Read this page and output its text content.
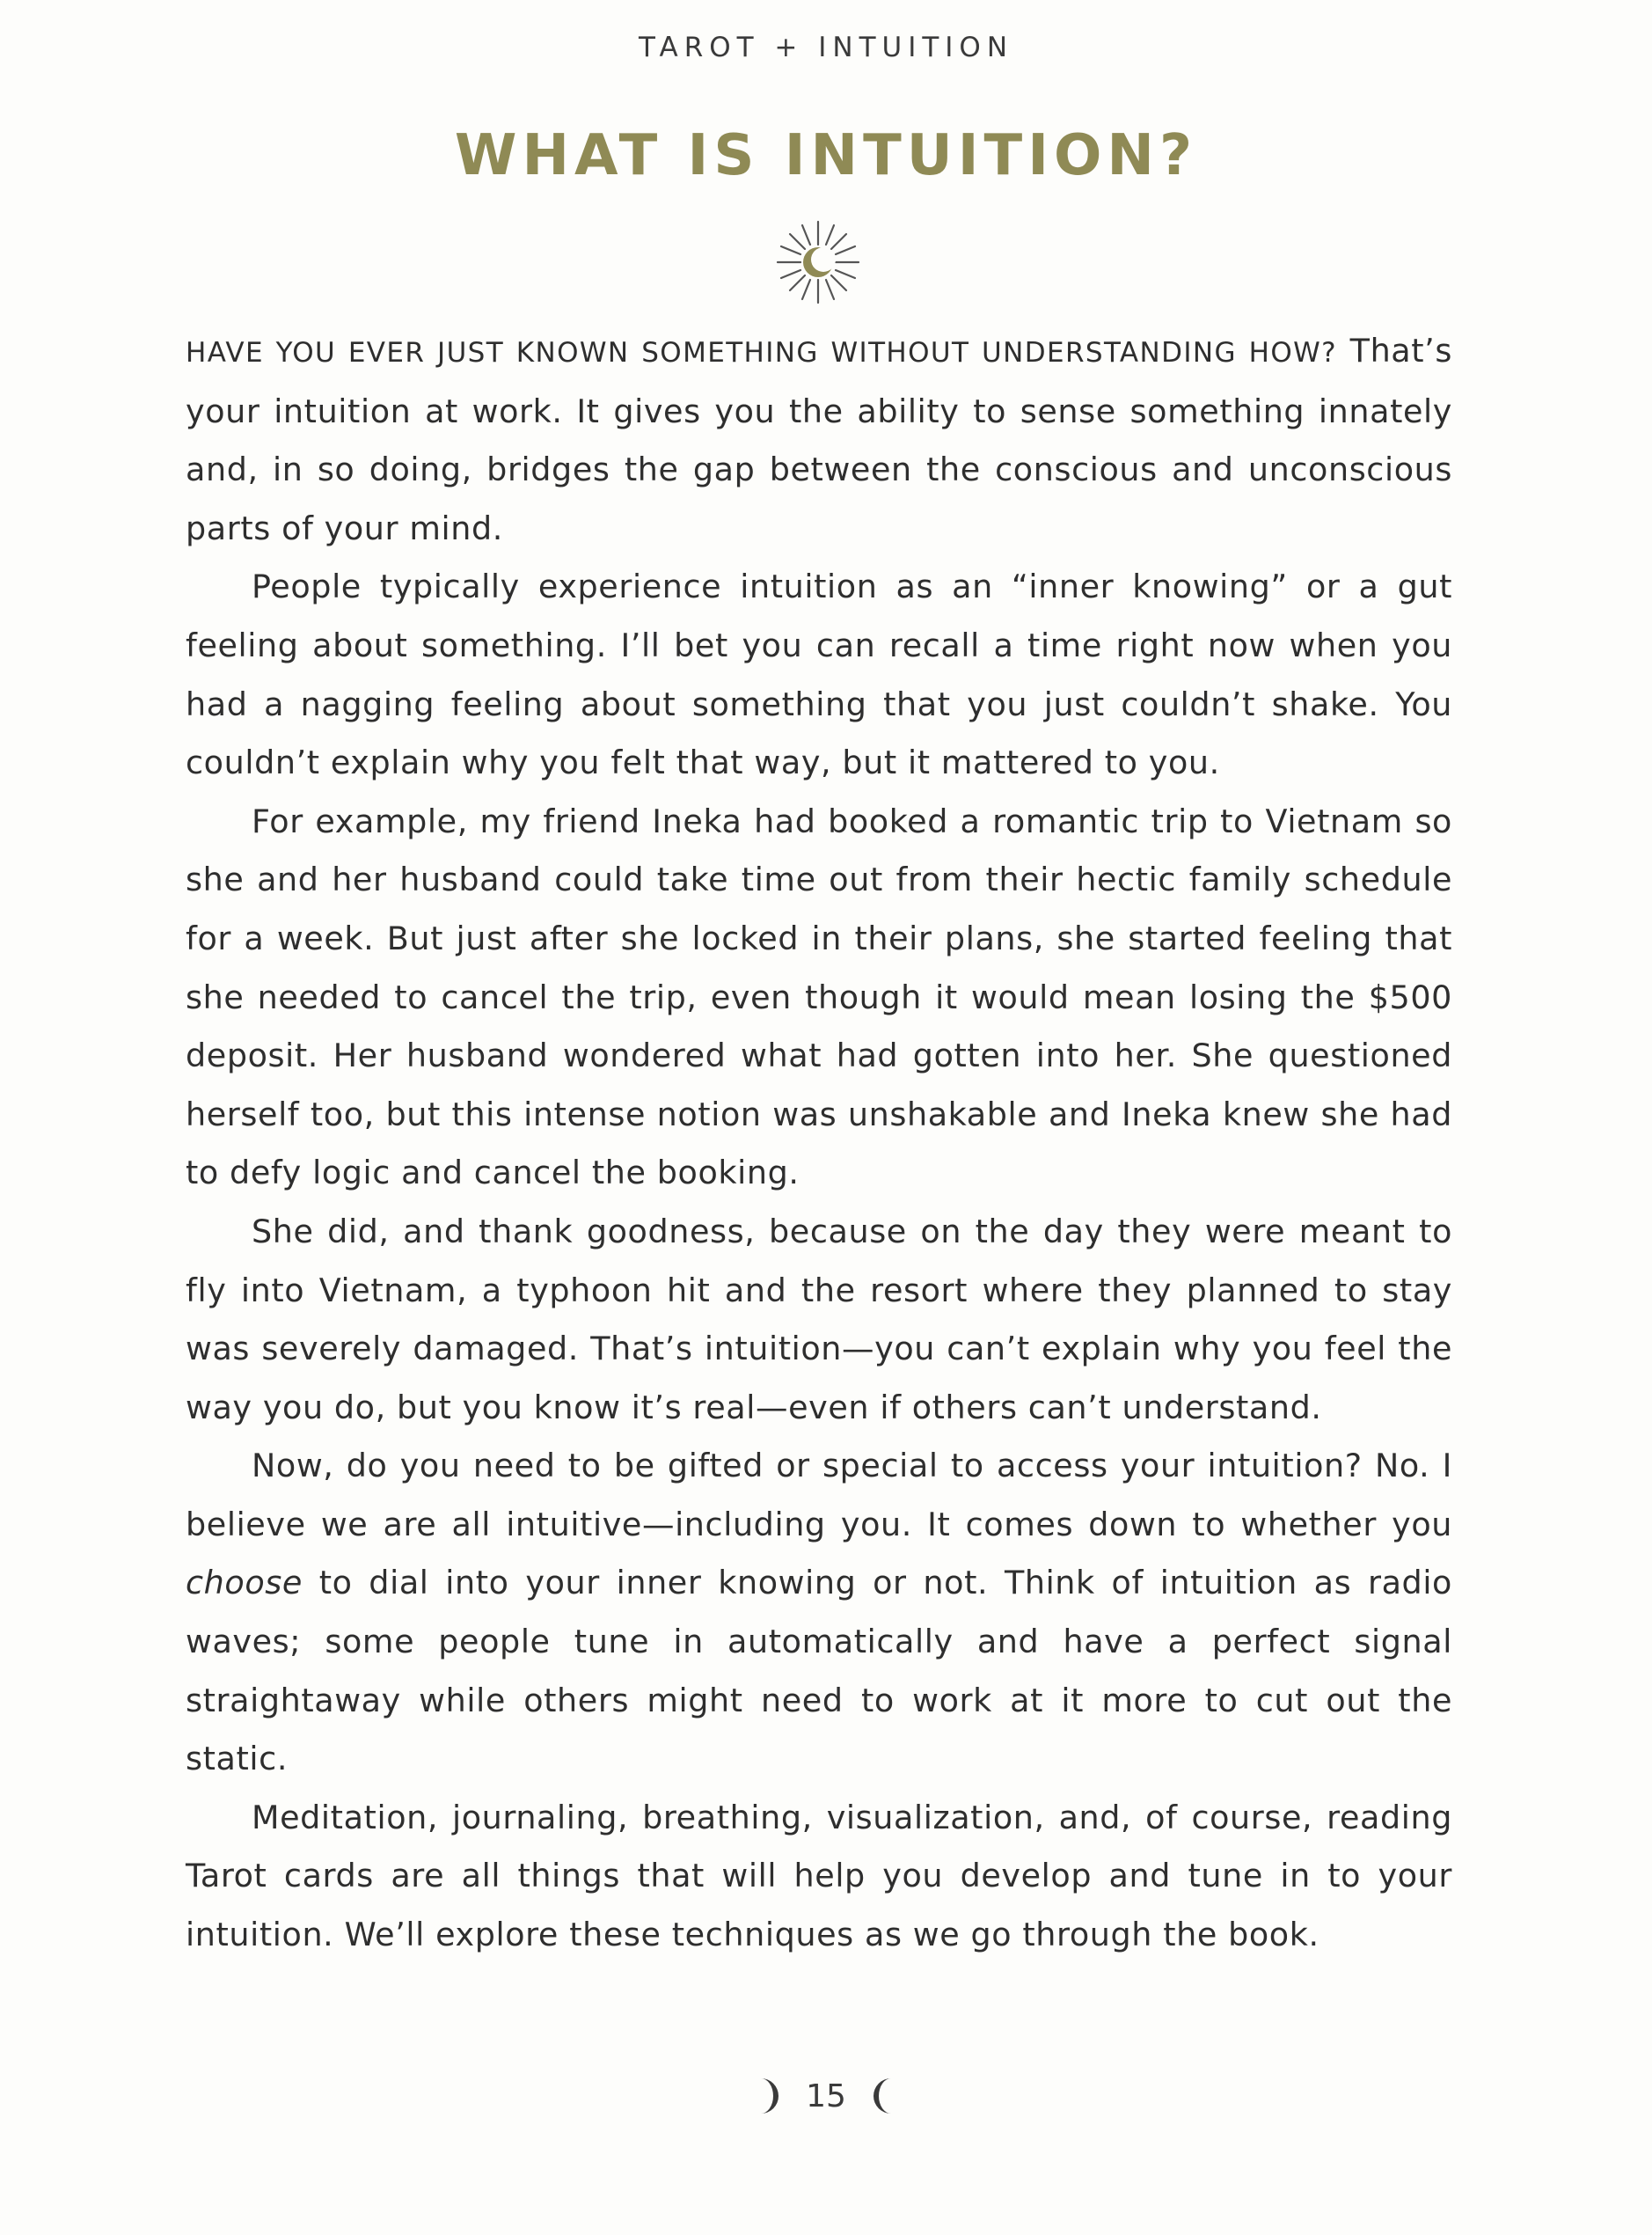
TAROT + INTUITION
WHAT IS INTUITION?

HAVE YOU EVER JUST KNOWN SOMETHING WITHOUT UNDERSTANDING HOW? That’s your intuition at work. It gives you the ability to sense something innately and, in so doing, bridges the gap between the conscious and unconscious parts of your mind.

People typically experience intuition as an “inner knowing” or a gut feeling about something. I’ll bet you can recall a time right now when you had a nagging feeling about something that you just couldn’t shake. You couldn’t explain why you felt that way, but it mattered to you.

For example, my friend Ineka had booked a romantic trip to Vietnam so she and her husband could take time out from their hectic family schedule for a week. But just after she locked in their plans, she started feeling that she needed to cancel the trip, even though it would mean losing the $500 deposit. Her husband wondered what had gotten into her. She questioned herself too, but this intense notion was unshakable and Ineka knew she had to defy logic and cancel the booking.

She did, and thank goodness, because on the day they were meant to fly into Vietnam, a typhoon hit and the resort where they planned to stay was severely damaged. That’s intuition—you can’t explain why you feel the way you do, but you know it’s real—even if others can’t understand.

Now, do you need to be gifted or special to access your intuition? No. I believe we are all intuitive—including you. It comes down to whether you choose to dial into your inner knowing or not. Think of intuition as radio waves; some people tune in automatically and have a perfect signal straightaway while others might need to work at it more to cut out the static.

Meditation, journaling, breathing, visualization, and, of course, reading Tarot cards are all things that will help you develop and tune in to your intuition. We’ll explore these techniques as we go through the book.

15
